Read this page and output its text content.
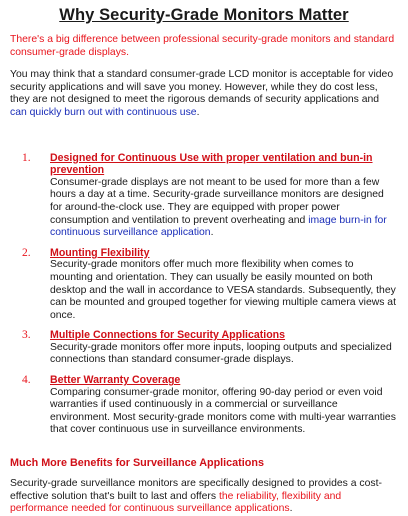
Why Security-Grade Monitors Matter

There's a big difference between professional security-grade monitors and standard consumer-grade displays.

You may think that a standard consumer-grade LCD monitor is acceptable for video security applications and will save you money. However, while they do cost less, they are not designed to meet the rigorous demands of security applications and can quickly burn out with continuous use.

1.	Designed for Continuous Use with proper ventilation and bun-in prevention

Consumer-grade displays are not meant to be used for more than a few hours a day at a time. Security-grade surveillance monitors are designed for around-the-clock use. They are equipped with proper power consumption and ventilation to prevent overheating and image burn-in for continuous surveillance application.

2.	Mounting Flexibility

Security-grade monitors offer much more flexibility when comes to mounting and orientation. They can usually be easily mounted on both desktop and the wall in accordance to VESA standards. Subsequently, they can be mounted and grouped together for viewing multiple camera views at once.

3.	Multiple Connections for Security Applications

Security-grade monitors offer more inputs, looping outputs and specialized connections than standard consumer-grade displays.

4.	Better Warranty Coverage

Comparing consumer-grade monitor, offering 90-day period or even void warranties if used continuously in a commercial or surveillance environment. Most security-grade monitors come with multi-year warranties that cover continuous use in surveillance environments.

Much More Benefits for Surveillance Applications

Security-grade surveillance monitors are specifically designed to provides a cost-effective solution that's built to last and offers the reliability, flexibility and performance needed for continuous surveillance applications.
